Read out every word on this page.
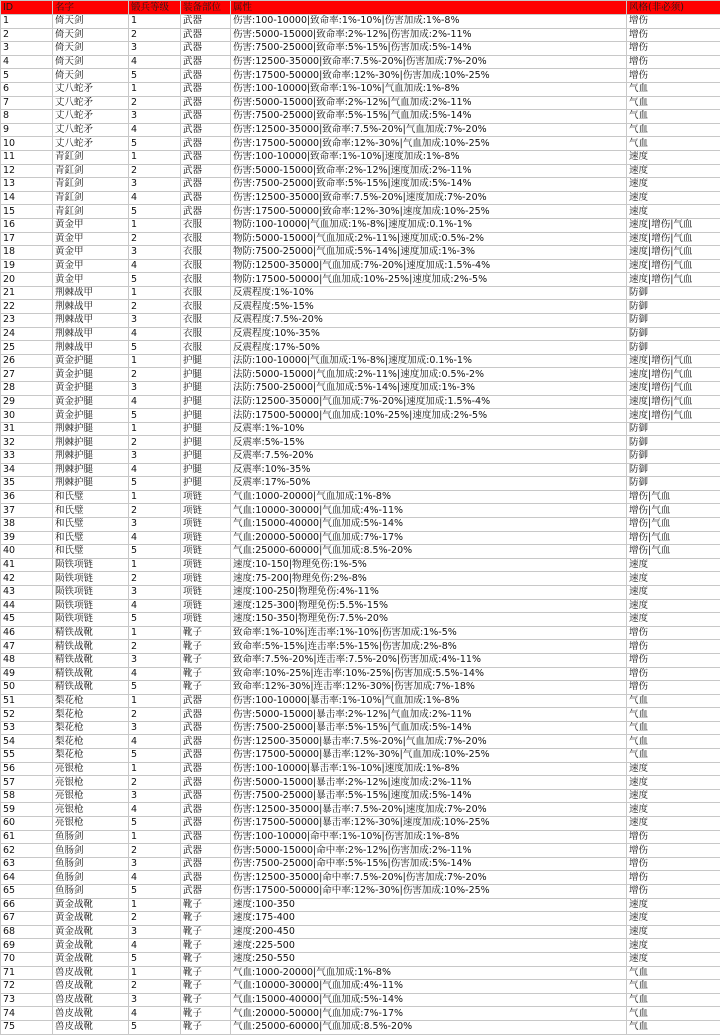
ID	名字	锻兵等级	装备部位	属性	风格(非必须)
1	倚天剑	1	武器	伤害:100-10000|致命率:1%-10%|伤害加成:1%-8%	增伤
2	倚天剑	2	武器	伤害:5000-15000|致命率:2%-12%|伤害加成:2%-11%	增伤
3	倚天剑	3	武器	伤害:7500-25000|致命率:5%-15%|伤害加成:5%-14%	增伤
4	倚天剑	4	武器	伤害:12500-35000|致命率:7.5%-20%|伤害加成:7%-20%	增伤
5	倚天剑	5	武器	伤害:17500-50000|致命率:12%-30%|伤害加成:10%-25%	增伤
6	丈八蛇矛	1	武器	伤害:100-10000|致命率:1%-10%|气血加成:1%-8%	气血
7	丈八蛇矛	2	武器	伤害:5000-15000|致命率:2%-12%|气血加成:2%-11%	气血
8	丈八蛇矛	3	武器	伤害:7500-25000|致命率:5%-15%|气血加成:5%-14%	气血
9	丈八蛇矛	4	武器	伤害:12500-35000|致命率:7.5%-20%|气血加成:7%-20%	气血
10	丈八蛇矛	5	武器	伤害:17500-50000|致命率:12%-30%|气血加成:10%-25%	气血
11	青釭剑	1	武器	伤害:100-10000|致命率:1%-10%|速度加成:1%-8%	速度
12	青釭剑	2	武器	伤害:5000-15000|致命率:2%-12%|速度加成:2%-11%	速度
13	青釭剑	3	武器	伤害:7500-25000|致命率:5%-15%|速度加成:5%-14%	速度
14	青釭剑	4	武器	伤害:12500-35000|致命率:7.5%-20%|速度加成:7%-20%	速度
15	青釭剑	5	武器	伤害:17500-50000|致命率:12%-30%|速度加成:10%-25%	速度
16	黄金甲	1	衣服	物防:100-10000|气血加成:1%-8%|速度加成:0.1%-1%	速度|增伤|气血
17	黄金甲	2	衣服	物防:5000-15000|气血加成:2%-11%|速度加成:0.5%-2%	速度|增伤|气血
18	黄金甲	3	衣服	物防:7500-25000|气血加成:5%-14%|速度加成:1%-3%	速度|增伤|气血
19	黄金甲	4	衣服	物防:12500-35000|气血加成:7%-20%|速度加成:1.5%-4%	速度|增伤|气血
20	黄金甲	5	衣服	物防:17500-50000|气血加成:10%-25%|速度加成:2%-5%	速度|增伤|气血
21	荆棘战甲	1	衣服	反震程度:1%-10%	防御
22	荆棘战甲	2	衣服	反震程度:5%-15%	防御
23	荆棘战甲	3	衣服	反震程度:7.5%-20%	防御
24	荆棘战甲	4	衣服	反震程度:10%-35%	防御
25	荆棘战甲	5	衣服	反震程度:17%-50%	防御
26	黄金护腿	1	护腿	法防:100-10000|气血加成:1%-8%|速度加成:0.1%-1%	速度|增伤|气血
27	黄金护腿	2	护腿	法防:5000-15000|气血加成:2%-11%|速度加成:0.5%-2%	速度|增伤|气血
28	黄金护腿	3	护腿	法防:7500-25000|气血加成:5%-14%|速度加成:1%-3%	速度|增伤|气血
29	黄金护腿	4	护腿	法防:12500-35000|气血加成:7%-20%|速度加成:1.5%-4%	速度|增伤|气血
30	黄金护腿	5	护腿	法防:17500-50000|气血加成:10%-25%|速度加成:2%-5%	速度|增伤|气血
31	荆棘护腿	1	护腿	反震率:1%-10%	防御
32	荆棘护腿	2	护腿	反震率:5%-15%	防御
33	荆棘护腿	3	护腿	反震率:7.5%-20%	防御
34	荆棘护腿	4	护腿	反震率:10%-35%	防御
35	荆棘护腿	5	护腿	反震率:17%-50%	防御
36	和氏璧	1	项链	气血:1000-20000|气血加成:1%-8%	增伤|气血
37	和氏璧	2	项链	气血:10000-30000|气血加成:4%-11%	增伤|气血
38	和氏璧	3	项链	气血:15000-40000|气血加成:5%-14%	增伤|气血
39	和氏璧	4	项链	气血:20000-50000|气血加成:7%-17%	增伤|气血
40	和氏璧	5	项链	气血:25000-60000|气血加成:8.5%-20%	增伤|气血
41	陨铁项链	1	项链	速度:10-150|物理免伤:1%-5%	速度
42	陨铁项链	2	项链	速度:75-200|物理免伤:2%-8%	速度
43	陨铁项链	3	项链	速度:100-250|物理免伤:4%-11%	速度
44	陨铁项链	4	项链	速度:125-300|物理免伤:5.5%-15%	速度
45	陨铁项链	5	项链	速度:150-350|物理免伤:7.5%-20%	速度
46	精铁战靴	1	靴子	致命率:1%-10%|连击率:1%-10%|伤害加成:1%-5%	增伤
47	精铁战靴	2	靴子	致命率:5%-15%|连击率:5%-15%|伤害加成:2%-8%	增伤
48	精铁战靴	3	靴子	致命率:7.5%-20%|连击率:7.5%-20%|伤害加成:4%-11%	增伤
49	精铁战靴	4	靴子	致命率:10%-25%|连击率:10%-25%|伤害加成:5.5%-14%	增伤
50	精铁战靴	5	靴子	致命率:12%-30%|连击率:12%-30%|伤害加成:7%-18%	增伤
51	梨花枪	1	武器	伤害:100-10000|暴击率:1%-10%|气血加成:1%-8%	气血
52	梨花枪	2	武器	伤害:5000-15000|暴击率:2%-12%|气血加成:2%-11%	气血
53	梨花枪	3	武器	伤害:7500-25000|暴击率:5%-15%|气血加成:5%-14%	气血
54	梨花枪	4	武器	伤害:12500-35000|暴击率:7.5%-20%|气血加成:7%-20%	气血
55	梨花枪	5	武器	伤害:17500-50000|暴击率:12%-30%|气血加成:10%-25%	气血
56	亮银枪	1	武器	伤害:100-10000|暴击率:1%-10%|速度加成:1%-8%	速度
57	亮银枪	2	武器	伤害:5000-15000|暴击率:2%-12%|速度加成:2%-11%	速度
58	亮银枪	3	武器	伤害:7500-25000|暴击率:5%-15%|速度加成:5%-14%	速度
59	亮银枪	4	武器	伤害:12500-35000|暴击率:7.5%-20%|速度加成:7%-20%	速度
60	亮银枪	5	武器	伤害:17500-50000|暴击率:12%-30%|速度加成:10%-25%	速度
61	鱼肠剑	1	武器	伤害:100-10000|命中率:1%-10%|伤害加成:1%-8%	增伤
62	鱼肠剑	2	武器	伤害:5000-15000|命中率:2%-12%|伤害加成:2%-11%	增伤
63	鱼肠剑	3	武器	伤害:7500-25000|命中率:5%-15%|伤害加成:5%-14%	增伤
64	鱼肠剑	4	武器	伤害:12500-35000|命中率:7.5%-20%|伤害加成:7%-20%	增伤
65	鱼肠剑	5	武器	伤害:17500-50000|命中率:12%-30%|伤害加成:10%-25%	增伤
66	黄金战靴	1	靴子	速度:100-350	速度
67	黄金战靴	2	靴子	速度:175-400	速度
68	黄金战靴	3	靴子	速度:200-450	速度
69	黄金战靴	4	靴子	速度:225-500	速度
70	黄金战靴	5	靴子	速度:250-550	速度
71	兽皮战靴	1	靴子	气血:1000-20000|气血加成:1%-8%	气血
72	兽皮战靴	2	靴子	气血:10000-30000|气血加成:4%-11%	气血
73	兽皮战靴	3	靴子	气血:15000-40000|气血加成:5%-14%	气血
74	兽皮战靴	4	靴子	气血:20000-50000|气血加成:7%-17%	气血
75	兽皮战靴	5	靴子	气血:25000-60000|气血加成:8.5%-20%	气血
